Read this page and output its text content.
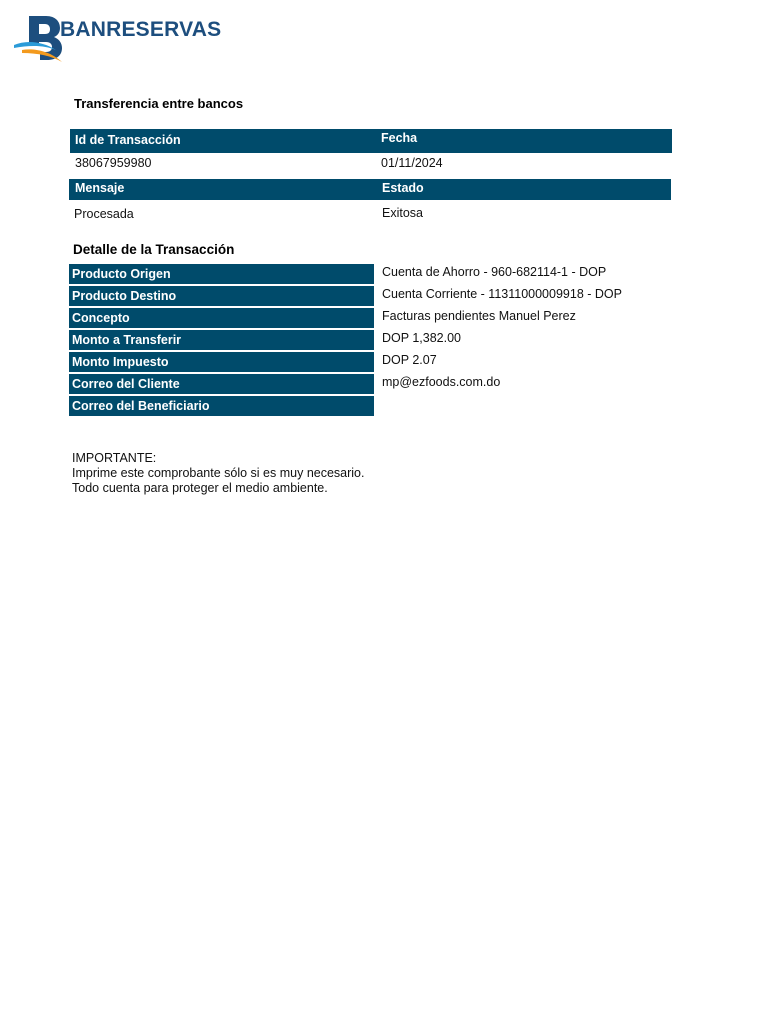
BANRESERVAS
Transferencia entre bancos
Id de Transacción	Fecha
38067959980	01/11/2024
Mensaje	Estado
Procesada	Exitosa
Detalle de la Transacción
Producto Origen	Cuenta de Ahorro - 960-682114-1 - DOP
Producto Destino	Cuenta Corriente - 11311000009918 - DOP
Concepto	Facturas pendientes Manuel Perez
Monto a Transferir	DOP 1,382.00
Monto Impuesto	DOP 2.07
Correo del Cliente	mp@ezfoods.com.do
Correo del Beneficiario
IMPORTANTE:
Imprime este comprobante sólo si es muy necesario.
Todo cuenta para proteger el medio ambiente.
